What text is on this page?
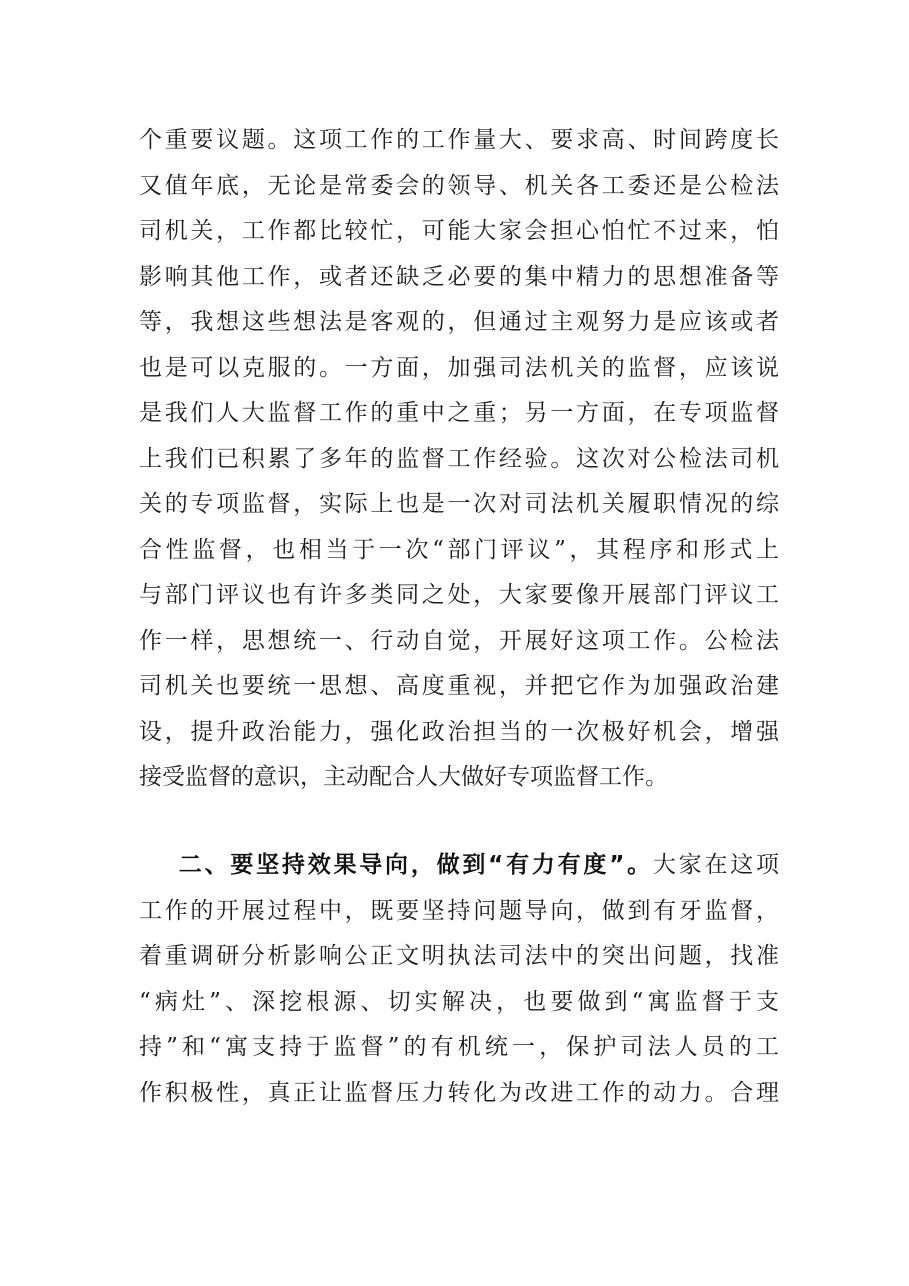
个重要议题。这项工作的工作量大、要求高、时间跨度长
又值年底，无论是常委会的领导、机关各工委还是公检法
司机关，工作都比较忙，可能大家会担心怕忙不过来，怕
影响其他工作，或者还缺乏必要的集中精力的思想准备等
等，我想这些想法是客观的，但通过主观努力是应该或者
也是可以克服的。一方面，加强司法机关的监督，应该说
是我们人大监督工作的重中之重；另一方面，在专项监督
上我们已积累了多年的监督工作经验。这次对公检法司机
关的专项监督，实际上也是一次对司法机关履职情况的综
合性监督，也相当于一次“部门评议”，其程序和形式上
与部门评议也有许多类同之处，大家要像开展部门评议工
作一样，思想统一、行动自觉，开展好这项工作。公检法
司机关也要统一思想、高度重视，并把它作为加强政治建
设，提升政治能力，强化政治担当的一次极好机会，增强
接受监督的意识，主动配合人大做好专项监督工作。
二、要坚持效果导向，做到“有力有度”。大家在这项
工作的开展过程中，既要坚持问题导向，做到有牙监督，
着重调研分析影响公正文明执法司法中的突出问题，找准
“病灶”、深挖根源、切实解决，也要做到“寓监督于支
持”和“寓支持于监督”的有机统一，保护司法人员的工
作积极性，真正让监督压力转化为改进工作的动力。合理
